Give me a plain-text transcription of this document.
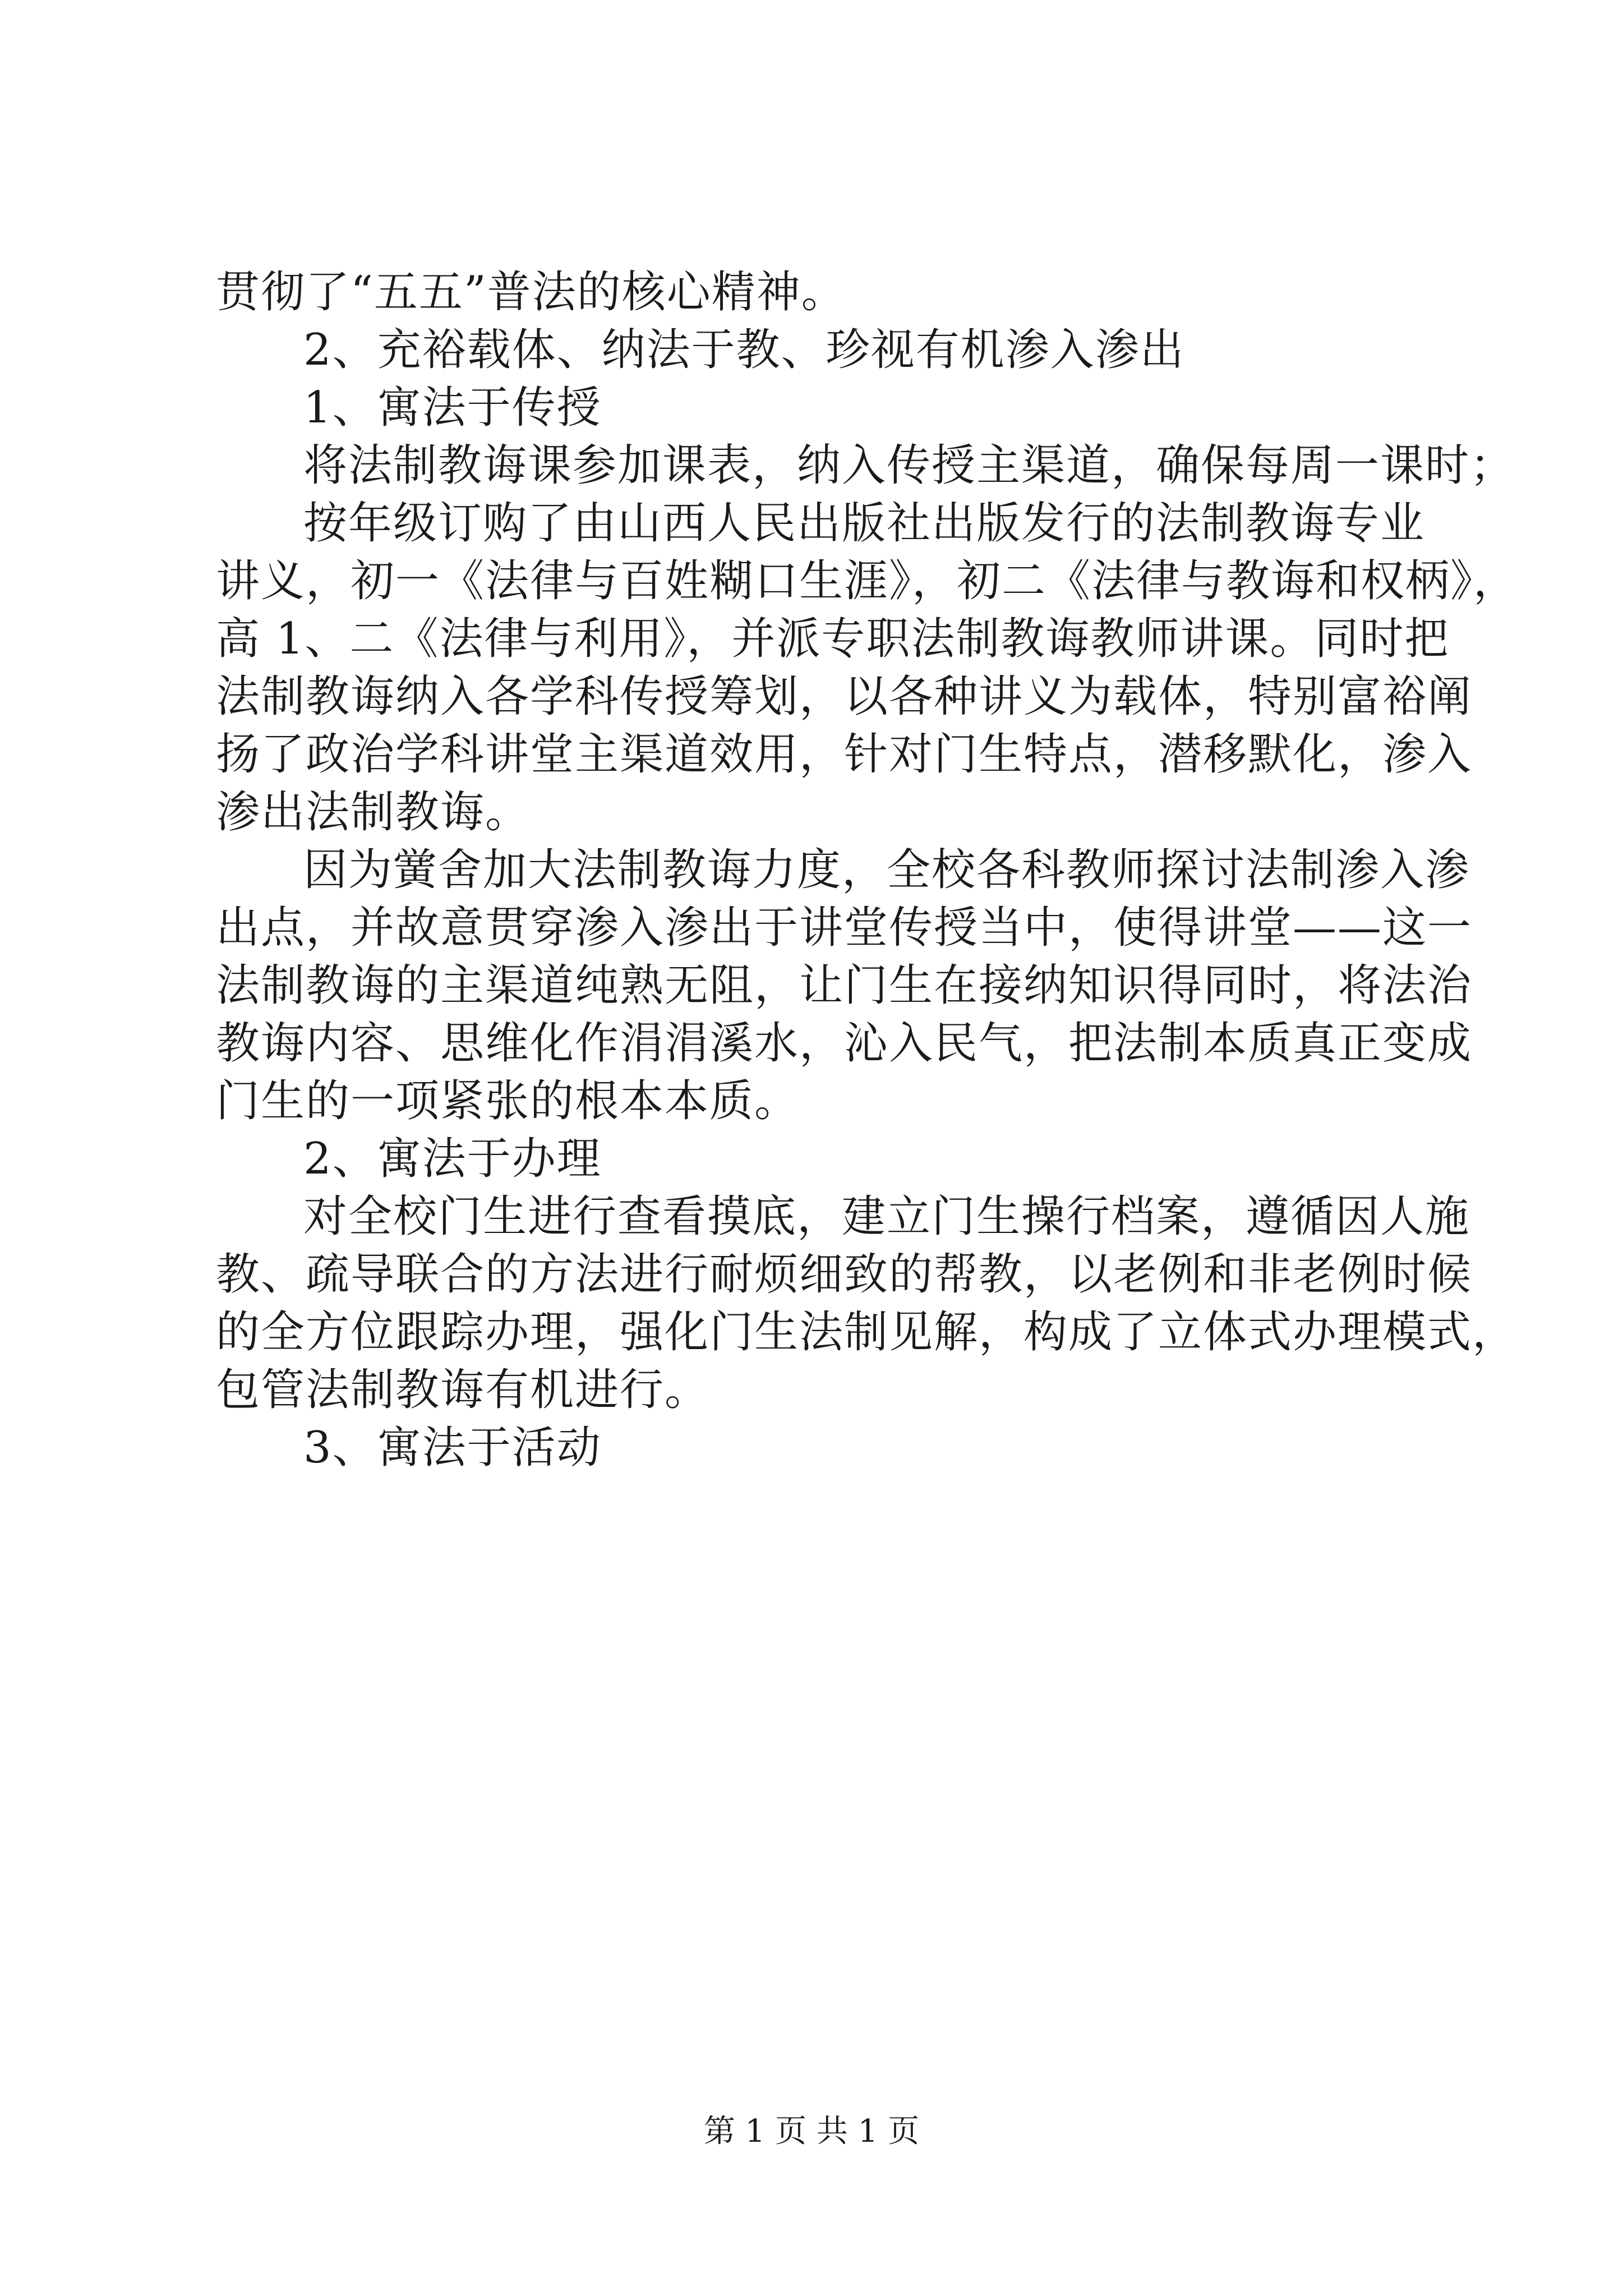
贯彻了“五五”普法的核心精神。
2、充裕载体、纳法于教、珍视有机渗入渗出
1、寓法于传授
将法制教诲课参加课表，纳入传授主渠道，确保每周一课时；
按年级订购了由山西人民出版社出版发行的法制教诲专业
讲义，初一《法律与百姓糊口生涯》，初二《法律与教诲和权柄》，
高 1、二《法律与利用》，并派专职法制教诲教师讲课。同时把
法制教诲纳入各学科传授筹划，以各种讲义为载体，特别富裕阐
扬了政治学科讲堂主渠道效用，针对门生特点，潜移默化，渗入
渗出法制教诲。
因为黉舍加大法制教诲力度，全校各科教师探讨法制渗入渗
出点，并故意贯穿渗入渗出于讲堂传授当中，使得讲堂——这一
法制教诲的主渠道纯熟无阻，让门生在接纳知识得同时，将法治
教诲内容、思维化作涓涓溪水，沁入民气，把法制本质真正变成
门生的一项紧张的根本本质。
2、寓法于办理
对全校门生进行查看摸底，建立门生操行档案，遵循因人施
教、疏导联合的方法进行耐烦细致的帮教，以老例和非老例时候
的全方位跟踪办理，强化门生法制见解，构成了立体式办理模式，
包管法制教诲有机进行。
3、寓法于活动
第 1 页 共 1 页
